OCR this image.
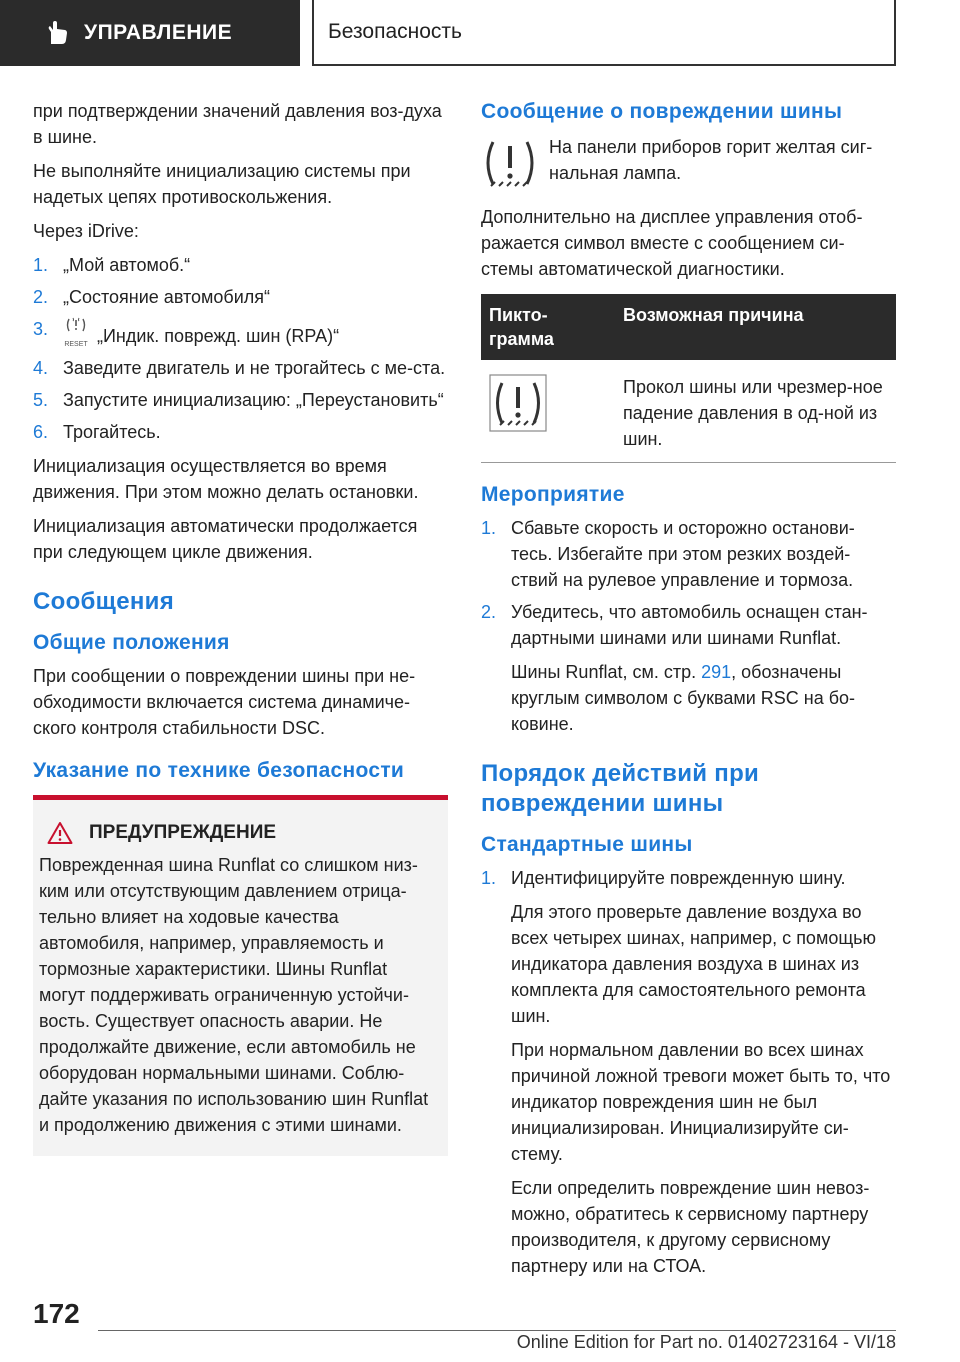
УПРАВЛЕНИЕ	Безопасность

при подтверждении значений давления воз-духа в шине.

Не выполняйте инициализацию системы при надетых цепях противоскольжения.

Через iDrive:

1. „Мой автомоб.“
2. „Состояние автомобиля“
3.
RESET „Индик. поврежд. шин (RPA)“
4. Заведите двигатель и не трогайтесь с ме-ста.
5. Запустите инициализацию: „Переустановить“
6. Трогайтесь.

Инициализация осуществляется во время движения. При этом можно делать остановки.

Инициализация автоматически продолжается при следующем цикле движения.

Сообщения
Общие положения

При сообщении о повреждении шины при не-обходимости включается система динамиче-ского контроля стабильности DSC.

Указание по технике безопасности
ПРЕДУПРЕЖДЕНИЕ

Поврежденная шина Runflat со слишком низ-ким или отсутствующим давлением отрица-тельно влияет на ходовые качества автомобиля, например, управляемость и тормозные характеристики. Шины Runflat могут поддерживать ограниченную устойчи-вость. Существует опасность аварии. Не продолжайте движение, если автомобиль не оборудован нормальными шинами. Соблю-дайте указания по использованию шин Runflat и продолжению движения с этими шинами.

Сообщение о повреждении шины

На панели приборов горит желтая сиг-нальная лампа.

Дополнительно на дисплее управления отоб-ражается символ вместе с сообщением си-стемы автоматической диагностики.

Пикто-грамма	Возможная причина
	Прокол шины или чрезмер-ное падение давления в од-ной из шин.
Мероприятие
1. Сбавьте скорость и осторожно останови-тесь. Избегайте при этом резких воздей-ствий на рулевое управление и тормоза.

2. Убедитесь, что автомобиль оснащен стан-дартными шинами или шинами Runflat.

Шины Runflat, см. стр. 291, обозначены круглым символом с буквами RSC на бо-ковине.

Порядок действий при повреждении шины
Стандартные шины
1. Идентифицируйте поврежденную шину.

Для этого проверьте давление воздуха во всех четырех шинах, например, с помощью индикатора давления воздуха в шинах из комплекта для самостоятельного ремонта шин.

При нормальном давлении во всех шинах причиной ложной тревоги может быть то, что индикатор повреждения шин не был инициализирован. Инициализируйте си-стему.

Если определить повреждение шин невоз-можно, обратитесь к сервисному партнеру производителя, к другому сервисному партнеру или на СТОА.

172
Online Edition for Part no. 01402723164 - VI/18
